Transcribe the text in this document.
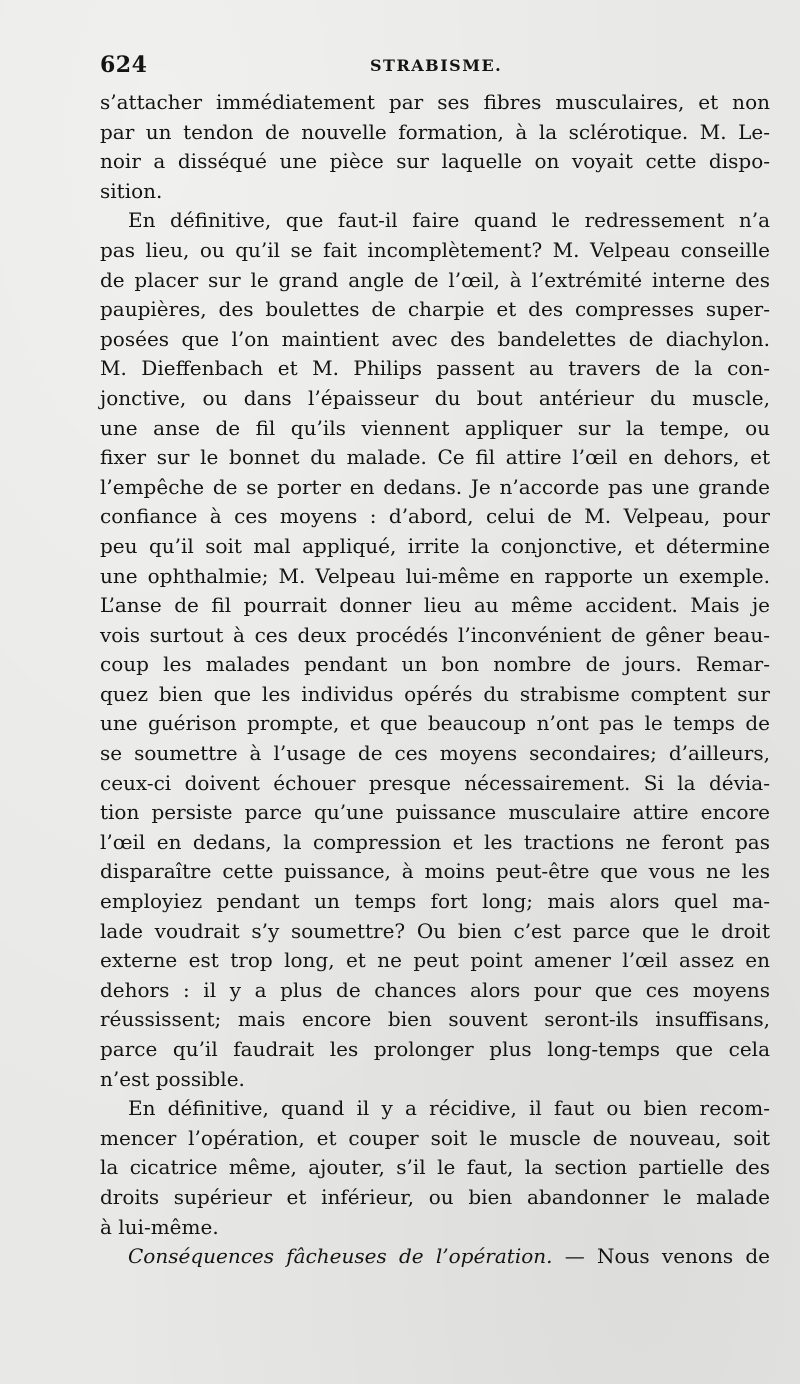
624	STRABISME.
s’attacher immédiatement par ses fibres musculaires, et non
par un tendon de nouvelle formation, à la sclérotique. M. Le-
noir a disséqué une pièce sur laquelle on voyait cette dispo-
sition.
En définitive, que faut-il faire quand le redressement n’a
pas lieu, ou qu’il se fait incomplètement? M. Velpeau conseille
de placer sur le grand angle de l’œil, à l’extrémité interne des
paupières, des boulettes de charpie et des compresses super-
posées que l’on maintient avec des bandelettes de diachylon.
M. Dieffenbach et M. Philips passent au travers de la con-
jonctive, ou dans l’épaisseur du bout antérieur du muscle,
une anse de fil qu’ils viennent appliquer sur la tempe, ou
fixer sur le bonnet du malade. Ce fil attire l’œil en dehors, et
l’empêche de se porter en dedans. Je n’accorde pas une grande
confiance à ces moyens : d’abord, celui de M. Velpeau, pour
peu qu’il soit mal appliqué, irrite la conjonctive, et détermine
une ophthalmie; M. Velpeau lui-même en rapporte un exemple.
L’anse de fil pourrait donner lieu au même accident. Mais je
vois surtout à ces deux procédés l’inconvénient de gêner beau-
coup les malades pendant un bon nombre de jours. Remar-
quez bien que les individus opérés du strabisme comptent sur
une guérison prompte, et que beaucoup n’ont pas le temps de
se soumettre à l’usage de ces moyens secondaires; d’ailleurs,
ceux-ci doivent échouer presque nécessairement. Si la dévia-
tion persiste parce qu’une puissance musculaire attire encore
l’œil en dedans, la compression et les tractions ne feront pas
disparaître cette puissance, à moins peut-être que vous ne les
employiez pendant un temps fort long; mais alors quel ma-
lade voudrait s’y soumettre? Ou bien c’est parce que le droit
externe est trop long, et ne peut point amener l’œil assez en
dehors : il y a plus de chances alors pour que ces moyens
réussissent; mais encore bien souvent seront-ils insuffisans,
parce qu’il faudrait les prolonger plus long-temps que cela
n’est possible.
En définitive, quand il y a récidive, il faut ou bien recom-
mencer l’opération, et couper soit le muscle de nouveau, soit
la cicatrice même, ajouter, s’il le faut, la section partielle des
droits supérieur et inférieur, ou bien abandonner le malade
à lui-même.
Conséquences fâcheuses de l’opération. — Nous venons de
